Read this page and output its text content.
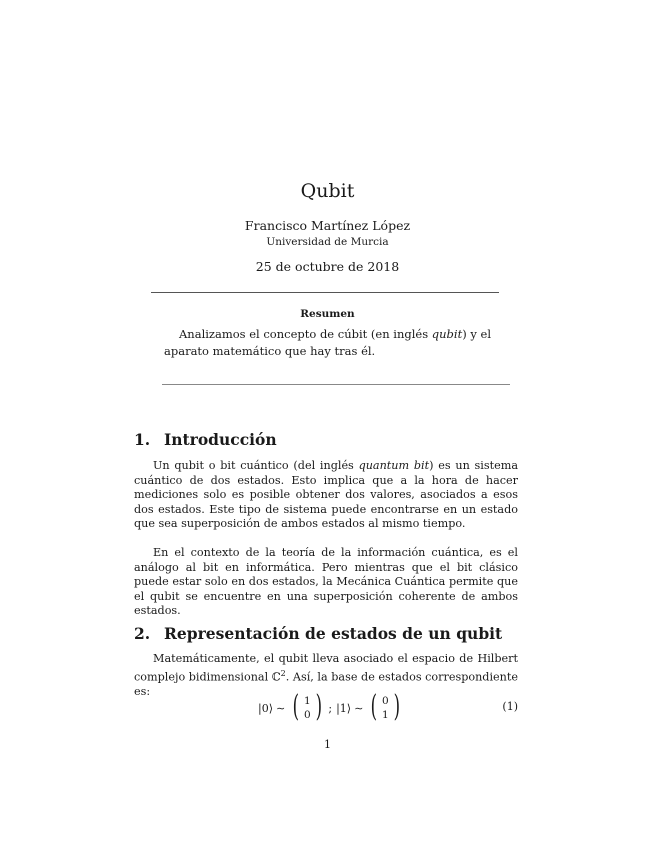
Qubit
Francisco Martínez López
Universidad de Murcia
25 de octubre de 2018
Resumen
Analizamos el concepto de cúbit (en inglés qubit) y el aparato matemático que hay tras él.
1. Introducción
Un qubit o bit cuántico (del inglés quantum bit) es un sistema cuántico de dos estados. Esto implica que a la hora de hacer mediciones solo es posible obtener dos valores, asociados a esos dos estados. Este tipo de sistema puede encontrarse en un estado que sea superposición de ambos estados al mismo tiempo.
En el contexto de la teoría de la información cuántica, es el análogo al bit en informática. Pero mientras que el bit clásico puede estar solo en dos estados, la Mecánica Cuántica permite que el qubit se encuentre en una superposición coherente de ambos estados.
2. Representación de estados de un qubit
Matemáticamente, el qubit lleva asociado el espacio de Hilbert complejo bidimensional ℂ$^2$. Así, la base de estados correspondiente es:
|0⟩ ∼ ( 1
0 ) ; |1⟩ ∼ ( 0
1 )	(1)
1
